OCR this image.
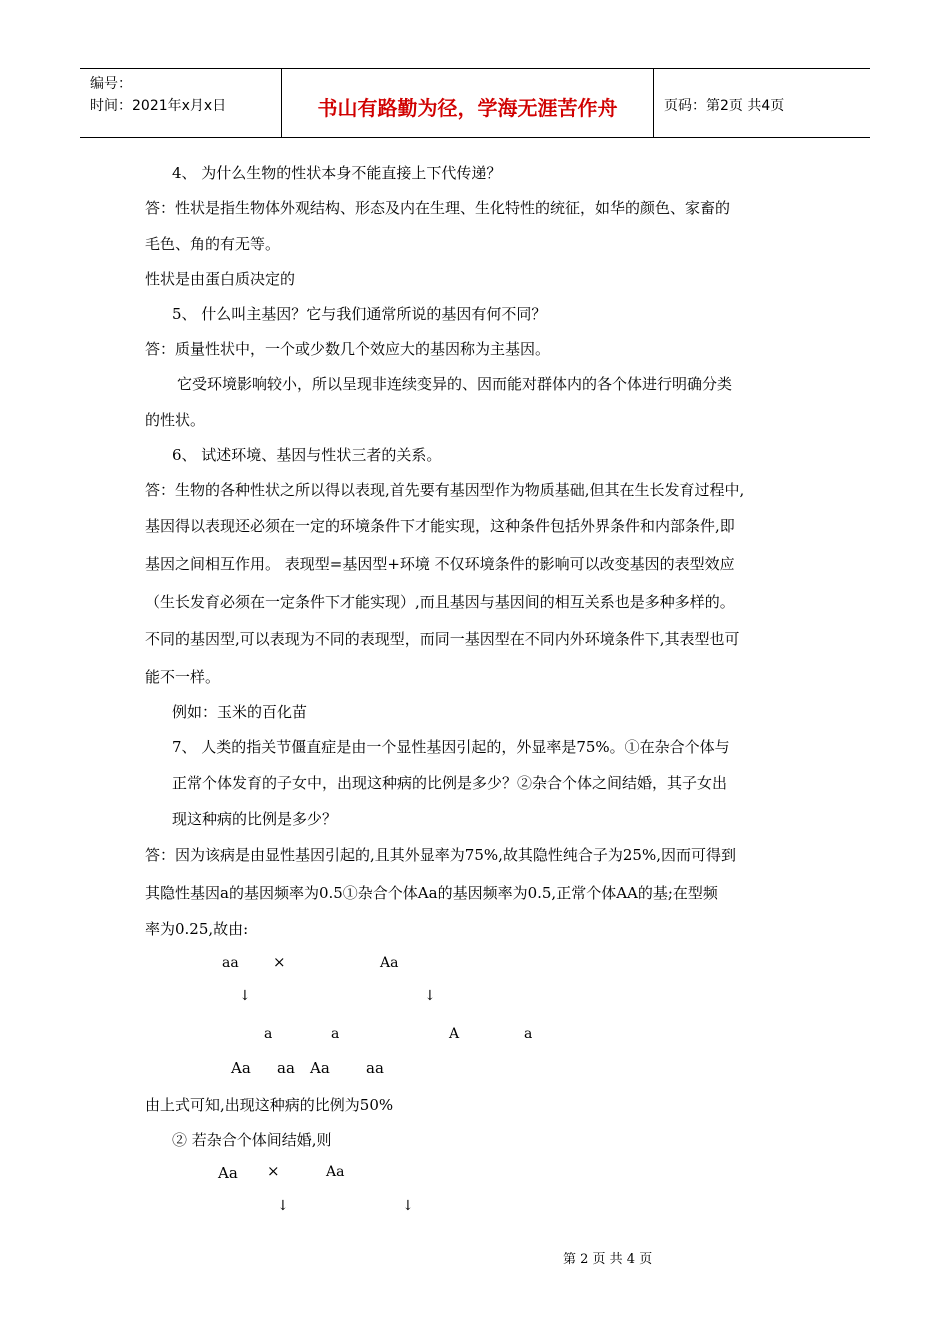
编号：
时间：2021年x月x日	书山有路勤为径，学海无涯苦作舟	页码：第2页 共4页
4、 为什么生物的性状本身不能直接上下代传递？
答：性状是指生物体外观结构、形态及内在生理、生化特性的统征，如华的颜色、家畜的
毛色、角的有无等。
性状是由蛋白质决定的
5、 什么叫主基因？它与我们通常所说的基因有何不同？
答：质量性状中，一个或少数几个效应大的基因称为主基因。
它受环境影响较小，所以呈现非连续变异的、因而能对群体内的各个体进行明确分类
的性状。
6、 试述环境、基因与性状三者的关系。
答：生物的各种性状之所以得以表现,首先要有基因型作为物质基础,但其在生长发育过程中,
基因得以表现还必须在一定的环境条件下才能实现，这种条件包括外界条件和内部条件,即
基因之间相互作用。 表现型=基因型+环境 不仅环境条件的影响可以改变基因的表型效应
（生长发育必须在一定条件下才能实现）,而且基因与基因间的相互关系也是多种多样的。
不同的基因型,可以表现为不同的表现型，而同一基因型在不同内外环境条件下,其表型也可
能不一样。
例如：玉米的百化苗
7、 人类的指关节僵直症是由一个显性基因引起的，外显率是75%。①在杂合个体与
正常个体发育的子女中，出现这种病的比例是多少？②杂合个体之间结婚，其子女出
现这种病的比例是多少？
答：因为该病是由显性基因引起的,且其外显率为75%,故其隐性纯合子为25%,因而可得到
其隐性基因a的基因频率为0.5①杂合个体Aa的基因频率为0.5,正常个体AA的基;在型频
率为0.25,故由:
aa ×	Aa
↓	↓
a	a	A	a
Aa aa Aa aa
由上式可知,出现这种病的比例为50%
② 若杂合个体间结婚,则
Aa ×	Aa
↓	↓
第 2 页 共 4 页
